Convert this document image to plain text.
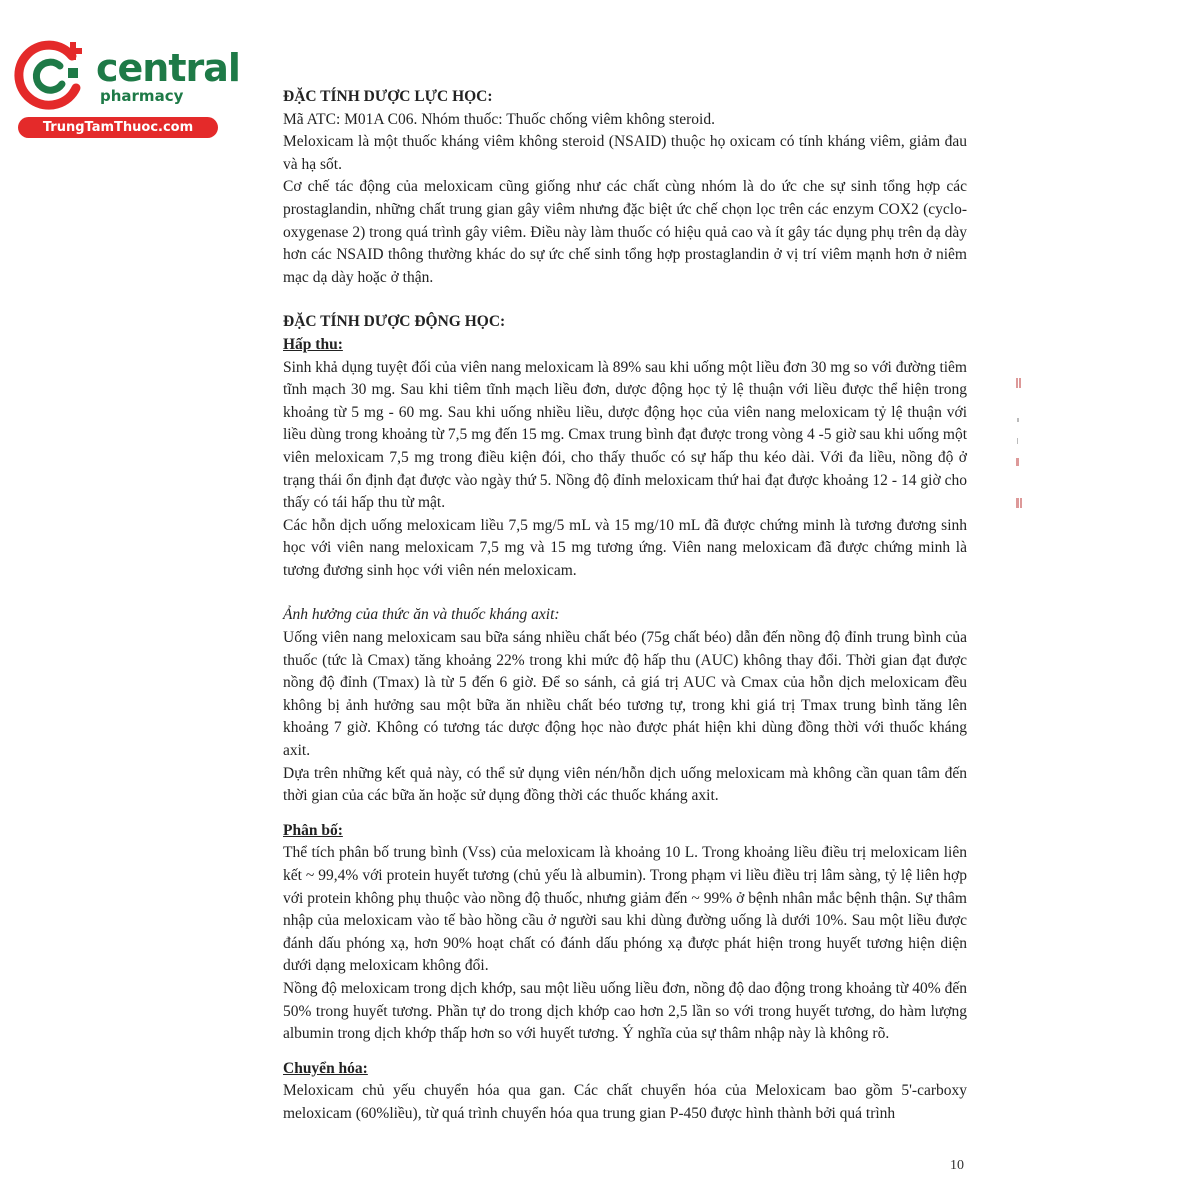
central
pharmacy
TrungTamThuoc.com

ĐẶC TÍNH DƯỢC LỰC HỌC:

Mã ATC: M01A C06. Nhóm thuốc: Thuốc chống viêm không steroid.

Meloxicam là một thuốc kháng viêm không steroid (NSAID) thuộc họ oxicam có tính kháng viêm, giảm đau và hạ sốt.

Cơ chế tác động của meloxicam cũng giống như các chất cùng nhóm là do ức che sự sinh tổng hợp các prostaglandin, những chất trung gian gây viêm nhưng đặc biệt ức chế chọn lọc trên các enzym COX2 (cyclo- oxygenase 2) trong quá trình gây viêm. Điều này làm thuốc có hiệu quả cao và ít gây tác dụng phụ trên dạ dày hơn các NSAID thông thường khác do sự ức chế sinh tổng hợp prostaglandin ở vị trí viêm mạnh hơn ở niêm mạc dạ dày hoặc ở thận.

ĐẶC TÍNH DƯỢC ĐỘNG HỌC:

Hấp thu:

Sinh khả dụng tuyệt đối của viên nang meloxicam là 89% sau khi uống một liều đơn 30 mg so với đường tiêm tĩnh mạch 30 mg. Sau khi tiêm tĩnh mạch liều đơn, dược động học tỷ lệ thuận với liều được thể hiện trong khoảng từ 5 mg - 60 mg. Sau khi uống nhiều liều, dược động học của viên nang meloxicam tỷ lệ thuận với liều dùng trong khoảng từ 7,5 mg đến 15 mg. Cmax trung bình đạt được trong vòng 4 -5 giờ sau khi uống một viên meloxicam 7,5 mg trong điều kiện đói, cho thấy thuốc có sự hấp thu kéo dài. Với đa liều, nồng độ ở trạng thái ổn định đạt được vào ngày thứ 5. Nồng độ đỉnh meloxicam thứ hai đạt được khoảng 12 - 14 giờ cho thấy có tái hấp thu từ mật.

Các hỗn dịch uống meloxicam liều 7,5 mg/5 mL và 15 mg/10 mL đã được chứng minh là tương đương sinh học với viên nang meloxicam 7,5 mg và 15 mg tương ứng. Viên nang meloxicam đã được chứng minh là tương đương sinh học với viên nén meloxicam.

Ảnh hưởng của thức ăn và thuốc kháng axit:

Uống viên nang meloxicam sau bữa sáng nhiều chất béo (75g chất béo) dẫn đến nồng độ đỉnh trung bình của thuốc (tức là Cmax) tăng khoảng 22% trong khi mức độ hấp thu (AUC) không thay đổi. Thời gian đạt được nồng độ đỉnh (Tmax) là từ 5 đến 6 giờ. Để so sánh, cả giá trị AUC và Cmax của hỗn dịch meloxicam đều không bị ảnh hưởng sau một bữa ăn nhiều chất béo tương tự, trong khi giá trị Tmax trung bình tăng lên khoảng 7 giờ. Không có tương tác dược động học nào được phát hiện khi dùng đồng thời với thuốc kháng axit.

Dựa trên những kết quả này, có thể sử dụng viên nén/hỗn dịch uống meloxicam mà không cần quan tâm đến thời gian của các bữa ăn hoặc sử dụng đồng thời các thuốc kháng axit.

Phân bố:

Thể tích phân bố trung bình (Vss) của meloxicam là khoảng 10 L. Trong khoảng liều điều trị meloxicam liên kết ~ 99,4% với protein huyết tương (chủ yếu là albumin). Trong phạm vi liều điều trị lâm sàng, tỷ lệ liên hợp với protein không phụ thuộc vào nồng độ thuốc, nhưng giảm đến ~ 99% ở bệnh nhân mắc bệnh thận. Sự thâm nhập của meloxicam vào tế bào hồng cầu ở người sau khi dùng đường uống là dưới 10%. Sau một liều được đánh dấu phóng xạ, hơn 90% hoạt chất có đánh dấu phóng xạ được phát hiện trong huyết tương hiện diện dưới dạng meloxicam không đổi.

Nồng độ meloxicam trong dịch khớp, sau một liều uống liều đơn, nồng độ dao động trong khoảng từ 40% đến 50% trong huyết tương. Phần tự do trong dịch khớp cao hơn 2,5 lần so với trong huyết tương, do hàm lượng albumin trong dịch khớp thấp hơn so với huyết tương. Ý nghĩa của sự thâm nhập này là không rõ.

Chuyển hóa:

Meloxicam chủ yếu chuyển hóa qua gan. Các chất chuyển hóa của Meloxicam bao gồm 5'-carboxy meloxicam (60%liều), từ quá trình chuyển hóa qua trung gian P-450 được hình thành bởi quá trình

10
